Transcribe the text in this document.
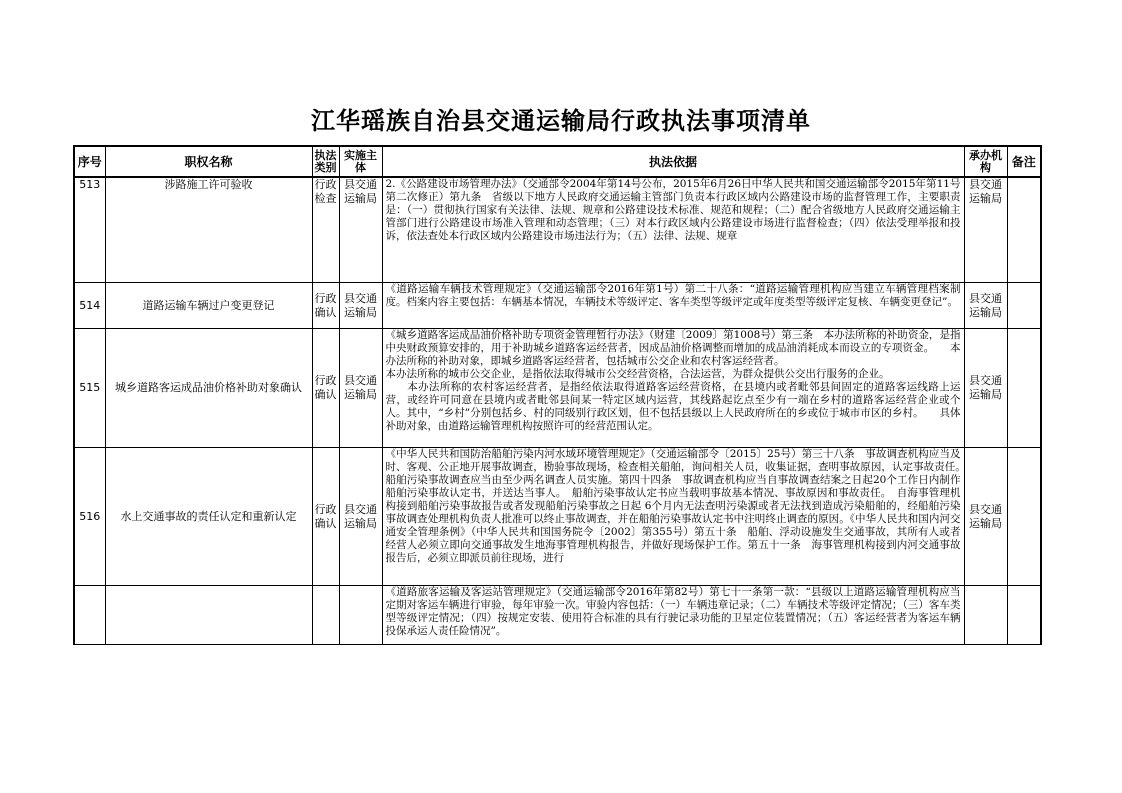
江华瑶族自治县交通运输局行政执法事项清单
序号	职权名称	执法类别	实施主体	执法依据	承办机构	备注
513	涉路施工许可验收	行政检查	县交通运输局	2.《公路建设市场管理办法》（交通部令2004年第14号公布，2015年6月26日中华人民共和国交通运输部令2015年第11号第二次修正）第九条　省级以下地方人民政府交通运输主管部门负责本行政区域内公路建设市场的监督管理工作，主要职责是：（一）贯彻执行国家有关法律、法规、规章和公路建设技术标准、规范和规程；（二）配合省级地方人民政府交通运输主管部门进行公路建设市场准入管理和动态管理；（三）对本行政区域内公路建设市场进行监督检查；（四）依法受理举报和投诉，依法查处本行政区域内公路建设市场违法行为；（五）法律、法规、规章	县交通运输局	
514	道路运输车辆过户变更登记	行政确认	县交通运输局	《道路运输车辆技术管理规定》（交通运输部令2016年第1号）第二十八条：“道路运输管理机构应当建立车辆管理档案制度。档案内容主要包括：车辆基本情况，车辆技术等级评定、客车类型等级评定或年度类型等级评定复核、车辆变更登记”。	县交通运输局	
515	城乡道路客运成品油价格补助对象确认	行政确认	县交通运输局	《城乡道路客运成品油价格补助专项资金管理暂行办法》（财建〔2009〕第1008号）第三条　本办法所称的补助资金，是指中央财政预算安排的，用于补助城乡道路客运经营者，因成品油价格调整而增加的成品油消耗成本而设立的专项资金。　　本办法所称的补助对象，即城乡道路客运经营者，包括城市公交企业和农村客运经营者。
本办法所称的城市公交企业，是指依法取得城市公交经营资格，合法运营，为群众提供公交出行服务的企业。
　　本办法所称的农村客运经营者，是指经依法取得道路客运经营资格，在县境内或者毗邻县间固定的道路客运线路上运营，或经许可同意在县境内或者毗邻县间某一特定区域内运营，其线路起讫点至少有一端在乡村的道路客运经营企业或个人。其中，“乡村”分别包括乡、村的同级别行政区划，但不包括县级以上人民政府所在的乡或位于城市市区的乡村。　　具体补助对象，由道路运输管理机构按照许可的经营范围认定。	县交通运输局	
516	水上交通事故的责任认定和重新认定	行政确认	县交通运输局	《中华人民共和国防治船舶污染内河水域环境管理规定》（交通运输部令〔2015〕25号）第三十八条　事故调查机构应当及时、客观、公正地开展事故调查，勘验事故现场，检查相关船舶，询问相关人员，收集证据，查明事故原因，认定事故责任。　船舶污染事故调查应当由至少两名调查人员实施。第四十四条　事故调查机构应当自事故调查结案之日起20个工作日内制作船舶污染事故认定书，并送达当事人。　船舶污染事故认定书应当载明事故基本情况、事故原因和事故责任。　自海事管理机构接到船舶污染事故报告或者发现船舶污染事故之日起 6个月内无法查明污染源或者无法找到造成污染船舶的，经船舶污染事故调查处理机构负责人批准可以终止事故调查，并在船舶污染事故认定书中注明终止调查的原因。《中华人民共和国内河交通安全管理条例》（中华人民共和国国务院令〔2002〕第355号）第五十条　船舶、浮动设施发生交通事故，其所有人或者经营人必须立即向交通事故发生地海事管理机构报告，并做好现场保护工作。第五十一条　海事管理机构接到内河交通事故报告后，必须立即派员前往现场，进行	县交通运输局	

				《道路旅客运输及客运站管理规定》（交通运输部令2016年第82号）第七十一条第一款：“县级以上道路运输管理机构应当定期对客运车辆进行审验，每年审验一次。审验内容包括：（一）车辆违章记录；（二）车辆技术等级评定情况；（三）客车类型等级评定情况；（四）按规定安装、使用符合标准的具有行驶记录功能的卫星定位装置情况；（五）客运经营者为客运车辆投保承运人责任险情况”。		
